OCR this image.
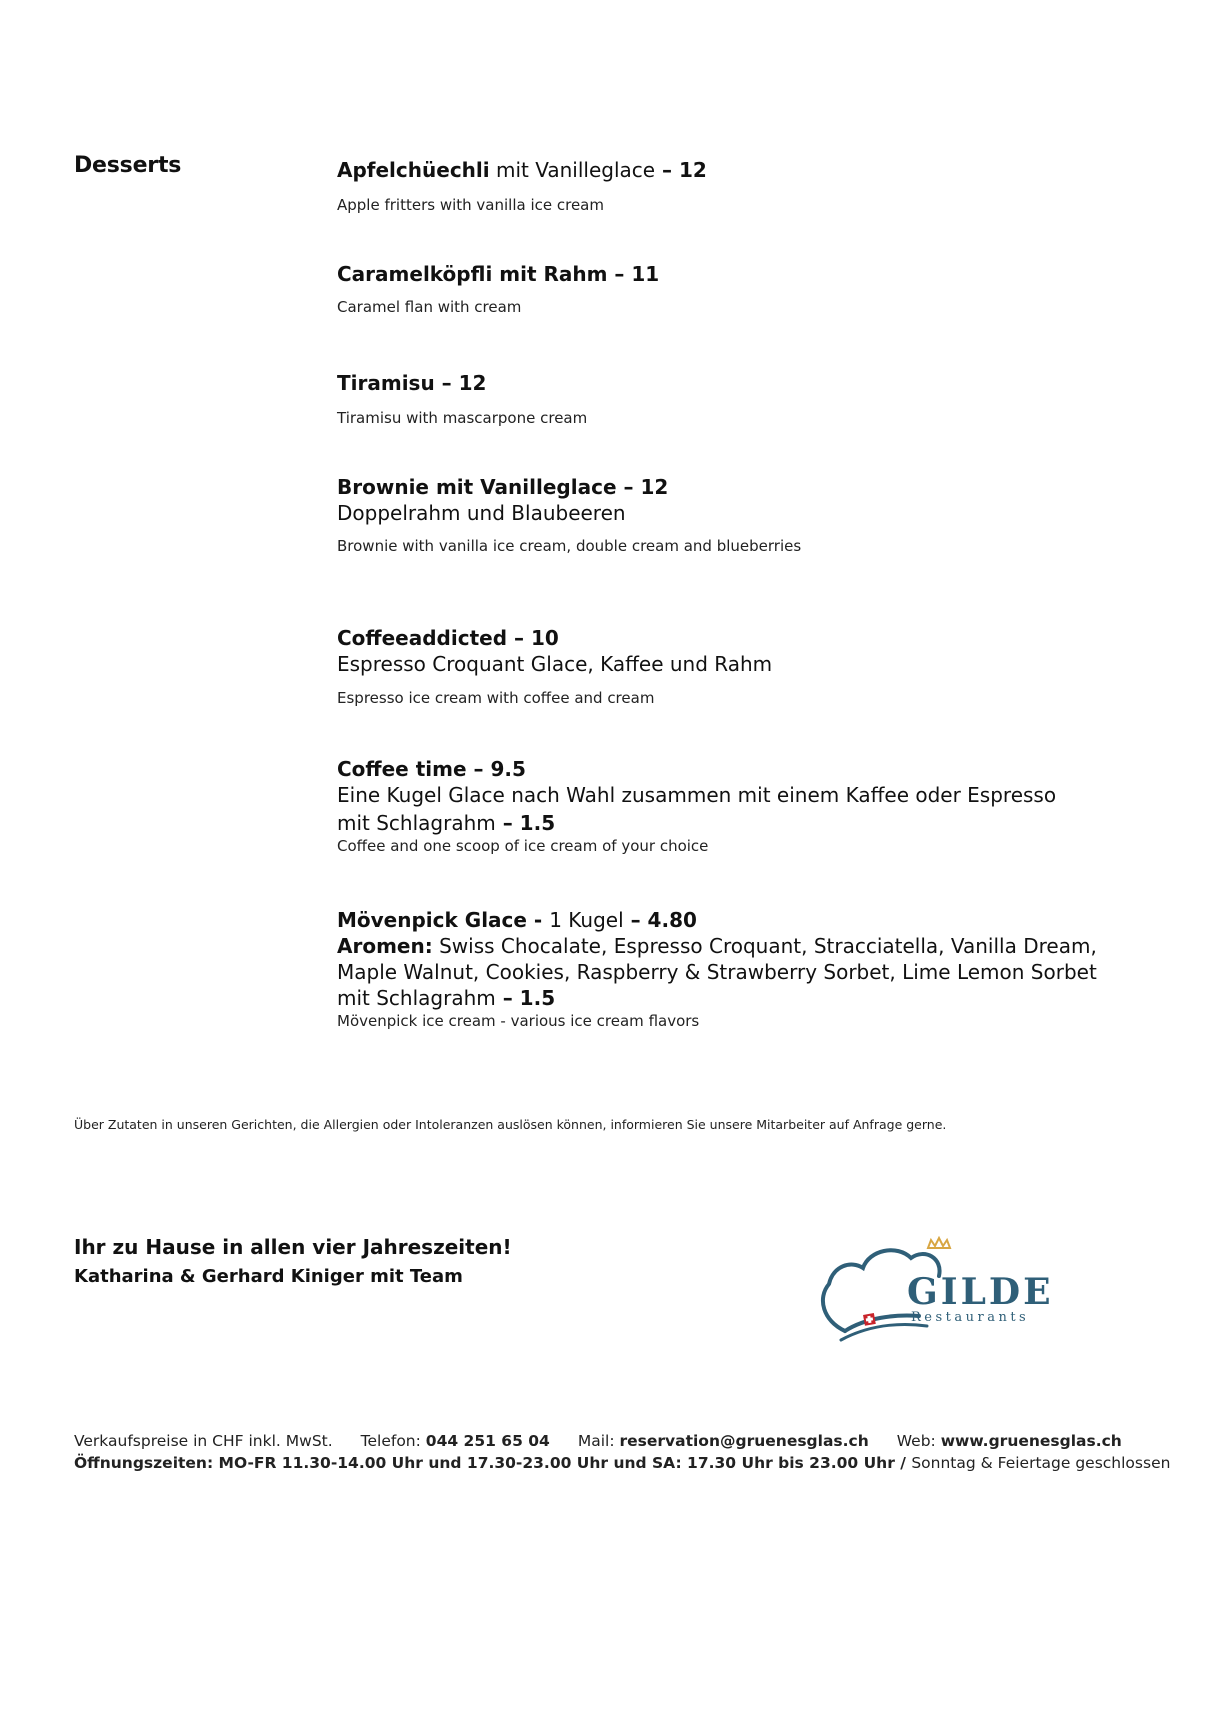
Desserts	Apfelchüechli mit Vanilleglace – 12
Apple fritters with vanilla ice cream
Caramelköpfli mit Rahm – 11
Caramel flan with cream
Tiramisu – 12
Tiramisu with mascarpone cream
Brownie mit Vanilleglace – 12
Doppelrahm und Blaubeeren
Brownie with vanilla ice cream, double cream and blueberries
Coffeeaddicted – 10
Espresso Croquant Glace, Kaffee und Rahm
Espresso ice cream with coffee and cream
Coffee time – 9.5
Eine Kugel Glace nach Wahl zusammen mit einem Kaffee oder Espresso
mit Schlagrahm – 1.5
Coffee and one scoop of ice cream of your choice
Mövenpick Glace - 1 Kugel – 4.80
Aromen: Swiss Chocalate, Espresso Croquant, Stracciatella, Vanilla Dream,
Maple Walnut, Cookies, Raspberry & Strawberry Sorbet, Lime Lemon Sorbet
mit Schlagrahm – 1.5
Mövenpick ice cream - various ice cream flavors
Über Zutaten in unseren Gerichten, die Allergien oder Intoleranzen auslösen können, informieren Sie unsere Mitarbeiter auf Anfrage gerne.
Ihr zu Hause in allen vier Jahreszeiten!
Katharina & Gerhard Kiniger mit Team	GILDE
Restaurants
Verkaufspreise in CHF inkl. MwSt. Telefon: 044 251 65 04 Mail: reservation@gruenesglas.ch Web: www.gruenesglas.ch
Öffnungszeiten: MO-FR 11.30-14.00 Uhr und 17.30-23.00 Uhr und SA: 17.30 Uhr bis 23.00 Uhr / Sonntag & Feiertage geschlossen
